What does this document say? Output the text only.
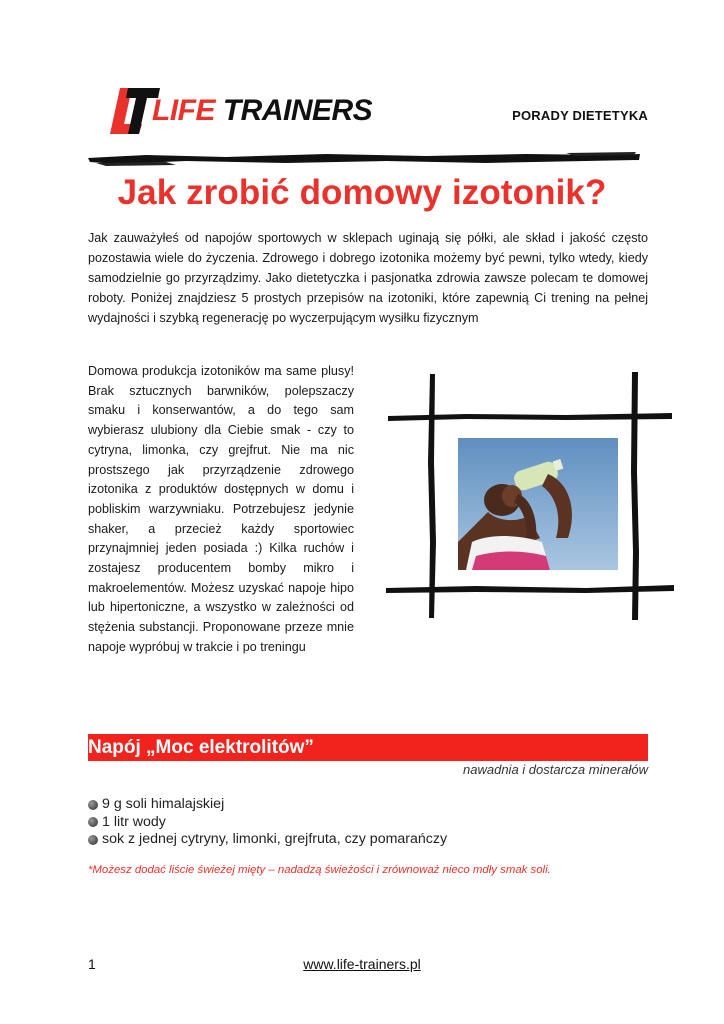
LIFE TRAINERS	PORADY DIETETYKA
Jak zrobić domowy izotonik?

Jak zauważyłeś od napojów sportowych w sklepach uginają się półki, ale skład i jakość często pozostawia wiele do życzenia. Zdrowego i dobrego izotonika możemy być pewni, tylko wtedy, kiedy samodzielnie go przyrządzimy. Jako dietetyczka i pasjonatka zdrowia zawsze polecam te domowej roboty. Poniżej znajdziesz 5 prostych przepisów na izotoniki, które zapewnią Ci trening na pełnej wydajności i szybką regenerację po wyczerpującym wysiłku fizycznym

Domowa produkcja izotoników ma same plusy! Brak sztucznych barwników, polepszaczy smaku i konserwantów, a do tego sam wybierasz ulubiony dla Ciebie smak - czy to cytryna, limonka, czy grejfrut. Nie ma nic prostszego jak przyrządzenie zdrowego izotonika z produktów dostępnych w domu i pobliskim warzywniaku. Potrzebujesz jedynie shaker, a przecież każdy sportowiec przynajmniej jeden posiada :) Kilka ruchów i zostajesz producentem bomby mikro i makroelementów. Możesz uzyskać napoje hipo lub hipertoniczne, a wszystko w zależności od stężenia substancji. Proponowane przeze mnie napoje wypróbuj w trakcie i po treningu

Napój „Moc elektrolitów”
nawadnia i dostarcza minerałów
9 g soli himalajskiej
1 litr wody
sok z jednej cytryny, limonki, grejfruta, czy pomarańczy

*Możesz dodać liście świeżej mięty – nadadzą świeżości i zrównoważ nieco mdły smak soli.

1	www.life-trainers.pl
